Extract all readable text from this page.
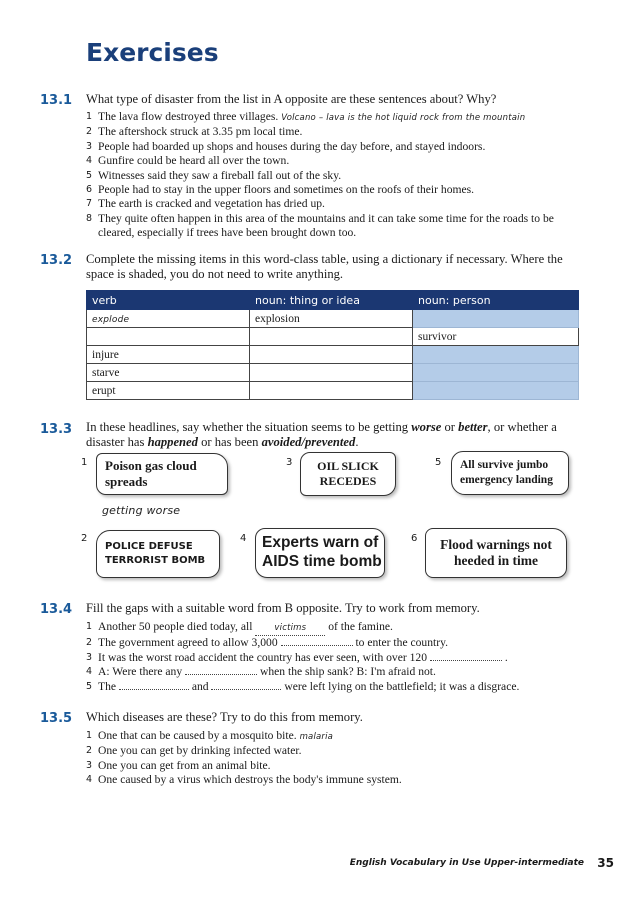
Exercises
13.1 What type of disaster from the list in A opposite are these sentences about? Why?
1 The lava flow destroyed three villages. Volcano – lava is the hot liquid rock from the mountain
2 The aftershock struck at 3.35 pm local time.
3 People had boarded up shops and houses during the day before, and stayed indoors.
4 Gunfire could be heard all over the town.
5 Witnesses said they saw a fireball fall out of the sky.
6 People had to stay in the upper floors and sometimes on the roofs of their homes.
7 The earth is cracked and vegetation has dried up.
8 They quite often happen in this area of the mountains and it can take some time for the roads to be cleared, especially if trees have been brought down too.
13.2 Complete the missing items in this word-class table, using a dictionary if necessary. Where the space is shaded, you do not need to write anything.
verb	noun: thing or idea	noun: person
explode	explosion	
		survivor
injure		
starve		
erupt		
13.3 In these headlines, say whether the situation seems to be getting worse or better, or whether a disaster has happened or has been avoided/prevented.
1 Poison gas cloud spreads
getting worse
3	OIL SLICK RECEDES
5 All survive jumbo emergency landing
2
POLICE DEFUSE TERRORIST BOMB
4 Experts warn of AIDS time bomb
6	Flood warnings not heeded in time
13.4 Fill the gaps with a suitable word from B opposite. Try to work from memory.
1 Another 50 people died today, all victims of the famine.
2 The government agreed to allow 3,000	to enter the country.
3 It was the worst road accident the country has ever seen, with over 120	.
4 A: Were there any	when the ship sank? B: I'm afraid not.
5 The	and	were left lying on the battlefield; it was a disgrace.
13.5 Which diseases are these? Try to do this from memory.
1 One that can be caused by a mosquito bite. malaria
2 One you can get by drinking infected water.
3 One you can get from an animal bite.
4 One caused by a virus which destroys the body's immune system.
English Vocabulary in Use Upper-intermediate 35
